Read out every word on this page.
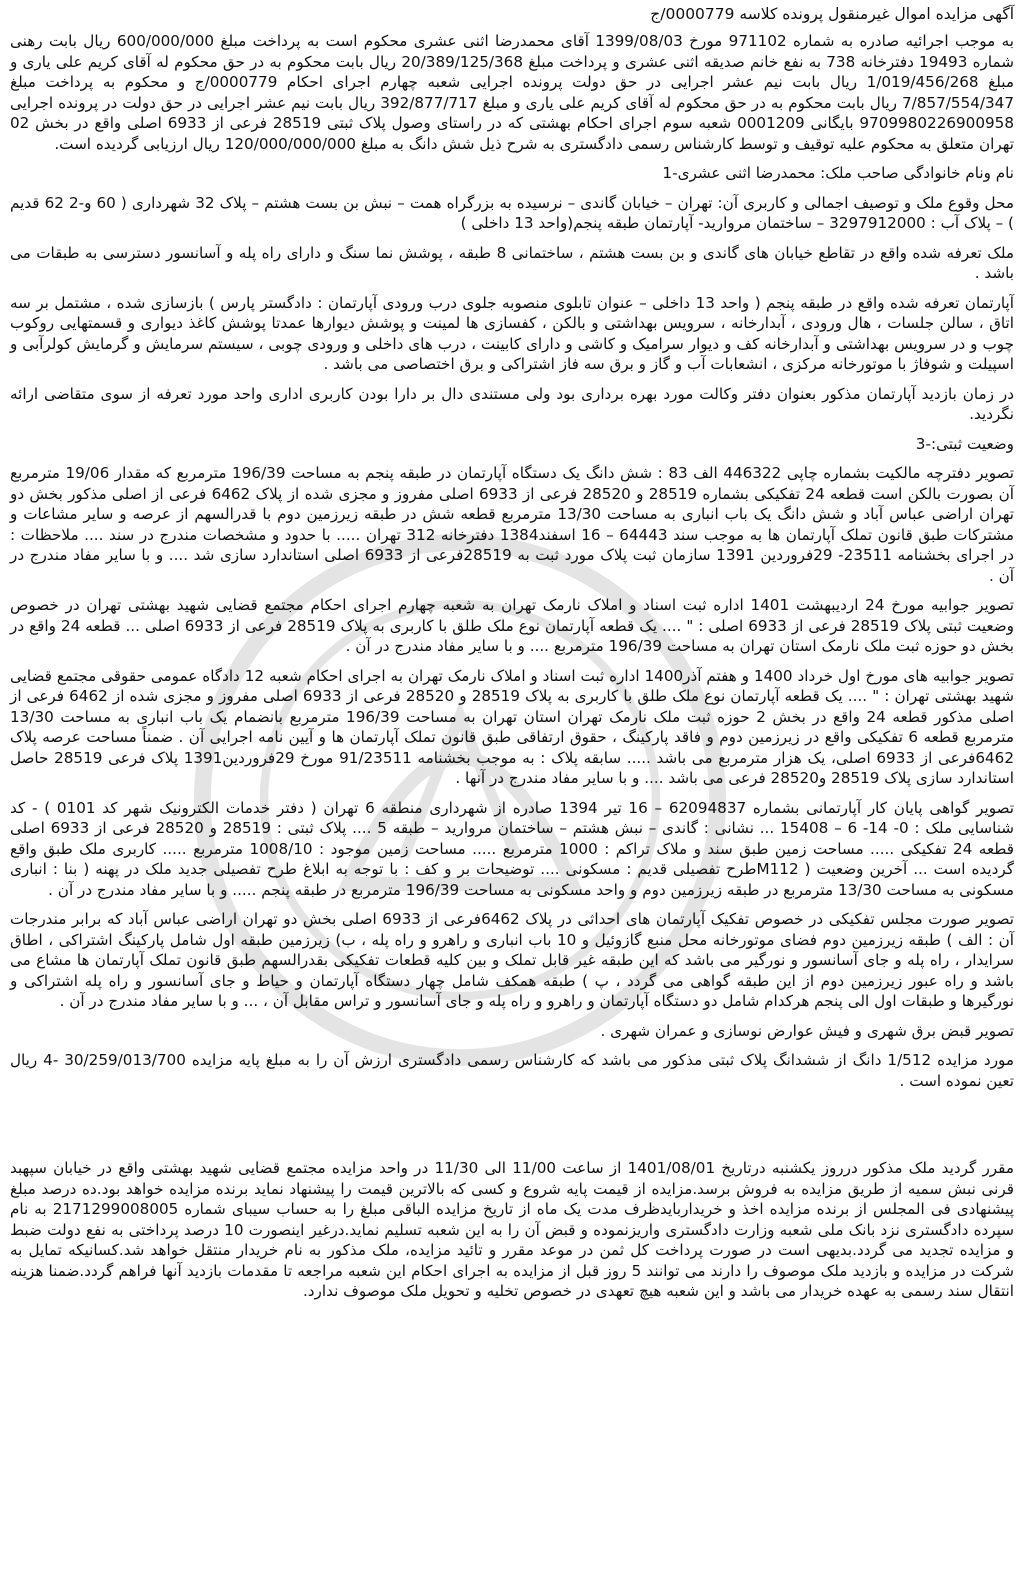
آگهی مزایده اموال غیرمنقول پرونده کلاسه 0000779/ج
به موجب اجرائیه صادره به شماره 971102 مورخ 1399/08/03 آقای محمدرضا اثنی عشری محکوم است به پرداخت مبلغ 600/000/000 ریال بابت رهنی شماره 19493 دفترخانه 738 به نفع خانم صدیقه اثنی عشری و پرداخت مبلغ 20/389/125/368 ریال بابت محکوم به در حق محکوم له آقای کریم علی یاری و مبلغ 1/019/456/268 ریال بابت نیم عشر اجرایی در حق دولت پرونده اجرایی شعبه چهارم اجرای احکام 0000779/ج و محکوم به پرداخت مبلغ 7/857/554/347 ریال بابت محکوم به در حق محکوم له آقای کریم علی یاری و مبلغ 392/877/717 ریال بابت نیم عشر اجرایی در حق دولت در پرونده اجرایی 9709980226900958 بایگانی 0001209 شعبه سوم اجرای احکام بهشتی که در راستای وصول پلاک ثبتی 28519 فرعی از 6933 اصلی واقع در بخش 02 تهران متعلق به محکوم علیه توقیف و توسط کارشناس رسمی دادگستری به شرح ذیل شش دانگ به مبلغ 120/000/000/000 ریال ارزیابی گردیده است.
نام ونام خانوادگی صاحب ملک: محمدرضا اثنی عشری-1
محل وقوع ملک و توصیف اجمالی و کاربری آن: تهران – خیابان گاندی – نرسیده به بزرگراه همت – نبش بن بست هشتم – پلاک 32 شهرداری ( 60 و-2 62 قدیم ) – پلاک آب : 3297912000 – ساختمان مروارید- آپارتمان طبقه پنجم(واحد 13 داخلی )
ملک تعرفه شده واقع در تقاطع خیابان های گاندی و بن بست هشتم ، ساختمانی 8 طبقه ، پوشش نما سنگ و دارای راه پله و آسانسور دسترسی به طبقات می باشد .
آپارتمان تعرفه شده واقع در طبقه پنجم ( واحد 13 داخلی – عنوان تابلوی منصوبه جلوی درب ورودی آپارتمان : دادگستر پارس ) بازسازی شده ، مشتمل بر سه اتاق ، سالن جلسات ، هال ورودی ، آبدارخانه ، سرویس بهداشتی و بالکن ، کفسازی ها لمینت و پوشش دیوارها عمدتا پوشش کاغذ دیواری و قسمتهایی روکوب چوب و در سرویس بهداشتی و آبدارخانه کف و دیوار سرامیک و کاشی و دارای کابینت ، درب های داخلی و ورودی چوبی ، سیستم سرمایش و گرمایش کولرآبی و اسپیلت و شوفاژ با موتورخانه مرکزی ، انشعابات آب و گاز و برق سه فاز اشتراکی و برق اختصاصی می باشد .
در زمان بازدید آپارتمان مذکور بعنوان دفتر وکالت مورد بهره برداری بود ولی مستندی دال بر دارا بودن کاربری اداری واحد مورد تعرفه از سوی متقاضی ارائه نگردید.
وضعیت ثبتی:-3
تصویر دفترچه مالکیت بشماره چاپی 446322 الف 83 : شش دانگ یک دستگاه آپارتمان در طبقه پنجم به مساحت 196/39 مترمربع که مقدار 19/06 مترمربع آن بصورت بالکن است قطعه 24 تفکیکی بشماره 28519 و 28520 فرعی از 6933 اصلی مفروز و مجزی شده از پلاک 6462 فرعی از اصلی مذکور بخش دو تهران اراضی عباس آباد و شش دانگ یک باب انباری به مساحت 13/30 مترمربع قطعه شش در طبقه زیرزمین دوم با قدرالسهم از عرصه و سایر مشاعات و مشترکات طبق قانون تملک آپارتمان ها به موجب سند 64443 – 16 اسفند1384 دفترخانه 312 تهران ..... با حدود و مشخصات مندرج در سند .... ملاحظات : در اجرای بخشنامه 23511- 29فروردین 1391 سازمان ثبت پلاک مورد ثبت به 28519فرعی از 6933 اصلی استاندارد سازی شد .... و با سایر مفاد مندرج در آن .
تصویر جوابیه مورخ 24 اردیبهشت 1401 اداره ثبت اسناد و املاک نارمک تهران به شعبه چهارم اجرای احکام مجتمع قضایی شهید بهشتی تهران در خصوص وضعیت ثبتی پلاک 28519 فرعی از 6933 اصلی : " .... یک قطعه آپارتمان نوع ملک طلق با کاربری به پلاک 28519 فرعی از 6933 اصلی ... قطعه 24 واقع در بخش دو حوزه ثبت ملک نارمک استان تهران به مساحت 196/39 مترمربع .... و با سایر مفاد مندرج در آن .
تصویر جوابیه های مورخ اول خرداد 1400 و هفتم آذر1400 اداره ثبت اسناد و املاک نارمک تهران به اجرای احکام شعبه 12 دادگاه عمومی حقوقی مجتمع قضایی شهید بهشتی تهران : " .... یک قطعه آپارتمان نوع ملک طلق با کاربری به پلاک 28519 و 28520 فرعی از 6933 اصلی مفروز و مجزی شده از 6462 فرعی از اصلی مذکور قطعه 24 واقع در بخش 2 حوزه ثبت ملک نارمک تهران استان تهران به مساحت 196/39 مترمربع بانضمام یک باب انباری به مساحت 13/30 مترمربع قطعه 6 تفکیکی واقع در زیرزمین دوم و فاقد پارکینگ ، حقوق ارتفاقی طبق قانون تملک آپارتمان ها و آیین نامه اجرایی آن . ضمناً مساحت عرصه پلاک 6462فرعی از 6933 اصلی، یک هزار مترمربع می باشد ..... سابقه پلاک : به موجب بخشنامه 91/23511 مورخ 29فروردین1391 پلاک فرعی 28519 حاصل استاندارد سازی پلاک 28519 و28520 فرعی می باشد .... و با سایر مفاد مندرج در آنها .
تصویر گواهی پایان کار آپارتمانی بشماره 62094837 – 16 تیر 1394 صادره از شهرداری منطقه 6 تهران ( دفتر خدمات الکترونیک شهر کد 0101 ) - کد شناسایی ملک : 0- 14- 6 – 15408 ... نشانی : گاندی – نبش هشتم – ساختمان مروارید – طبقه 5 .... پلاک ثبتی : 28519 و 28520 فرعی از 6933 اصلی قطعه 24 تفکیکی ..... مساحت زمین طبق سند و ملاک تراکم : 1000 مترمربع ..... مساحت زمین موجود : 1008/10 مترمربع ..... کاربری ملک طبق واقع گردیده است ... آخرین وضعیت ( M112طرح تفصیلی قدیم : مسکونی .... توضیحات بر و کف : با توجه به ابلاغ طرح تفصیلی جدید ملک در پهنه ( بنا : انباری مسکونی به مساحت 13/30 مترمربع در طبقه زیرزمین دوم و واحد مسکونی به مساحت 196/39 مترمربع در طبقه پنجم ..... و با سایر مفاد مندرج در آن .
تصویر صورت مجلس تفکیکی در خصوص تفکیک آپارتمان های احداثی در پلاک 6462فرعی از 6933 اصلی بخش دو تهران اراضی عباس آباد که برابر مندرجات آن : الف ) طبقه زیرزمین دوم فضای موتورخانه محل منبع گازوئیل و 10 باب انباری و راهرو و راه پله ، ب) زیرزمین طبقه اول شامل پارکینگ اشتراکی ، اطاق سرایدار ، راه پله و جای آسانسور و نورگیر می باشد که این طبقه غیر قابل تملک و بین کلیه قطعات تفکیکی بقدرالسهم طبق قانون تملک آپارتمان ها مشاع می باشد و راه عبور زیرزمین دوم از این طبقه گواهی می گردد ، پ ) طبقه همکف شامل چهار دستگاه آپارتمان و حیاط و جای آسانسور و راه پله اشتراکی و نورگیرها و طبقات اول الی پنجم هرکدام شامل دو دستگاه آپارتمان و راهرو و راه پله و جای آسانسور و تراس مقابل آن ، ... و با سایر مفاد مندرج در آن .
تصویر قبض برق شهری و فیش عوارض نوسازی و عمران شهری .
مورد مزایده 1/512 دانگ از ششدانگ پلاک ثبتی مذکور می باشد که کارشناس رسمی دادگستری ارزش آن را به مبلغ پایه مزایده 30/259/013/700 -4 ریال تعین نموده است .
مقرر گردید ملک مذکور درروز یکشنبه درتاریخ 1401/08/01 از ساعت 11/00 الی 11/30 در واحد مزایده مجتمع قضایی شهید بهشتی واقع در خیابان سپهبد قرنی نبش سمیه از طریق مزایده به فروش برسد.مزایده از قیمت پایه شروع و کسی که بالاترین قیمت را پیشنهاد نماید برنده مزایده خواهد بود.ده درصد مبلغ پیشنهادی فی المجلس از برنده مزایده اخذ و خریداربایدظرف مدت یک ماه از تاریخ مزایده الباقی مبلغ را به حساب سیبای شماره 2171299008005 به نام سپرده دادگستری نزد بانک ملی شعبه وزارت دادگستری واریزنموده و قبض آن را به این شعبه تسلیم نماید.درغیر اینصورت 10 درصد پرداختی به نفع دولت ضبط و مزایده تجدید می گردد.بدیهی است در صورت پرداخت کل ثمن در موعد مقرر و تائید مزایده، ملک مذکور به نام خریدار منتقل خواهد شد.کسانیکه تمایل به شرکت در مزایده و بازدید ملک موصوف را دارند می توانند 5 روز قبل از مزایده به اجرای احکام این شعبه مراجعه تا مقدمات بازدید آنها فراهم گردد.ضمنا هزینه انتقال سند رسمی به عهده خریدار می باشد و این شعبه هیچ تعهدی در خصوص تخلیه و تحویل ملک موصوف ندارد.
